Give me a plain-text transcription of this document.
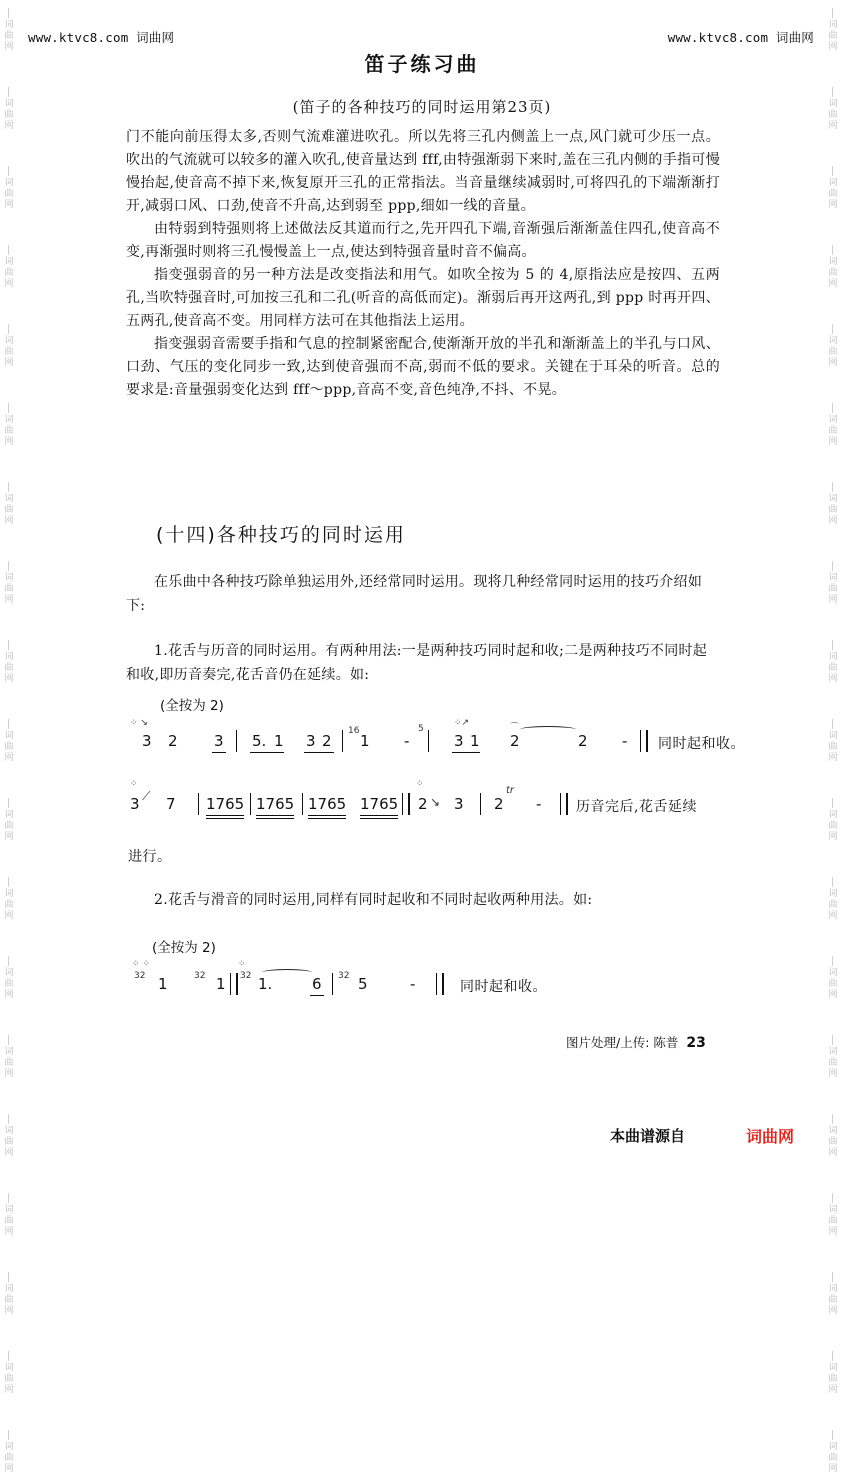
词
曲
网
词
曲
网
词
曲
网
词
曲
网
词
曲
网
词
曲
网
词
曲
网
词
曲
网
词
曲
网
词
曲
网
词
曲
网
词
曲
网
词
曲
网
词
曲
网
词
曲
网
词
曲
网
词
曲
网
词
曲
网
词
曲
网
词
曲
网
词
曲
网
词
曲
网
词
曲
网
词
曲
网
词
曲
网
词
曲
网
词
曲
网
词
曲
网
词
曲
网
词
曲
网
词
曲
网
词
曲
网
词
曲
网
词
曲
网
词
曲
网
词
曲
网
词
曲
网
词
曲
网
www.ktvc8.com 词曲网	www.ktvc8.com 词曲网
笛子练习曲
(笛子的各种技巧的同时运用第23页)

门不能向前压得太多,否则气流难灌进吹孔。所以先将三孔内侧盖上一点,风门就可少压一点。吹出的气流就可以较多的灌入吹孔,使音量达到 fff,由特强渐弱下来时,盖在三孔内侧的手指可慢慢抬起,使音高不掉下来,恢复原开三孔的正常指法。当音量继续减弱时,可将四孔的下端渐渐打开,减弱口风、口劲,使音不升高,达到弱至 ppp,细如一线的音量。

由特弱到特强则将上述做法反其道而行之,先开四孔下端,音渐强后渐渐盖住四孔,使音高不变,再渐强时则将三孔慢慢盖上一点,使达到特强音量时音不偏高。

指变强弱音的另一种方法是改变指法和用气。如吹全按为 5 的 4,原指法应是按四、五两孔,当吹特强音时,可加按三孔和二孔(听音的高低而定)。渐弱后再开这两孔,到 ppp 时再开四、五两孔,使音高不变。用同样方法可在其他指法上运用。

指变强弱音需要手指和气息的控制紧密配合,使渐渐开放的半孔和渐渐盖上的半孔与口风、口劲、气压的变化同步一致,达到使音强而不高,弱而不低的要求。关键在于耳朵的听音。总的要求是:音量强弱变化达到 fff～ppp,音高不变,音色纯净,不抖、不晃。

(十四)各种技巧的同时运用

在乐曲中各种技巧除单独运用外,还经常同时运用。现将几种经常同时运用的技巧介绍如下:

1.花舌与历音的同时运用。有两种用法:一是两种技巧同时起和收;二是两种技巧不同时起和收,即历音奏完,花舌音仍在延续。如:

(全按为 2)
⁘ ↘
3 2 3 5. 1 3 2
16
1 -
5
⁘↗
3 1
⌒
2	2 - 同时起和收。
⁘
3 ⟋ 7 1765 1765 1765 1765
⁘
2 ↘ 3 2
tr
- 历音完后,花舌延续
进行。

2.花舌与滑音的同时运用,同样有同时起收和不同时起收两种用法。如:

(全按为 2)
⁘ ⁘
32 1	32 1
⁘
32 1.	6 32 5	-	同时起和收。
图片处理/上传: 陈普 23
本曲谱源自	词曲网
